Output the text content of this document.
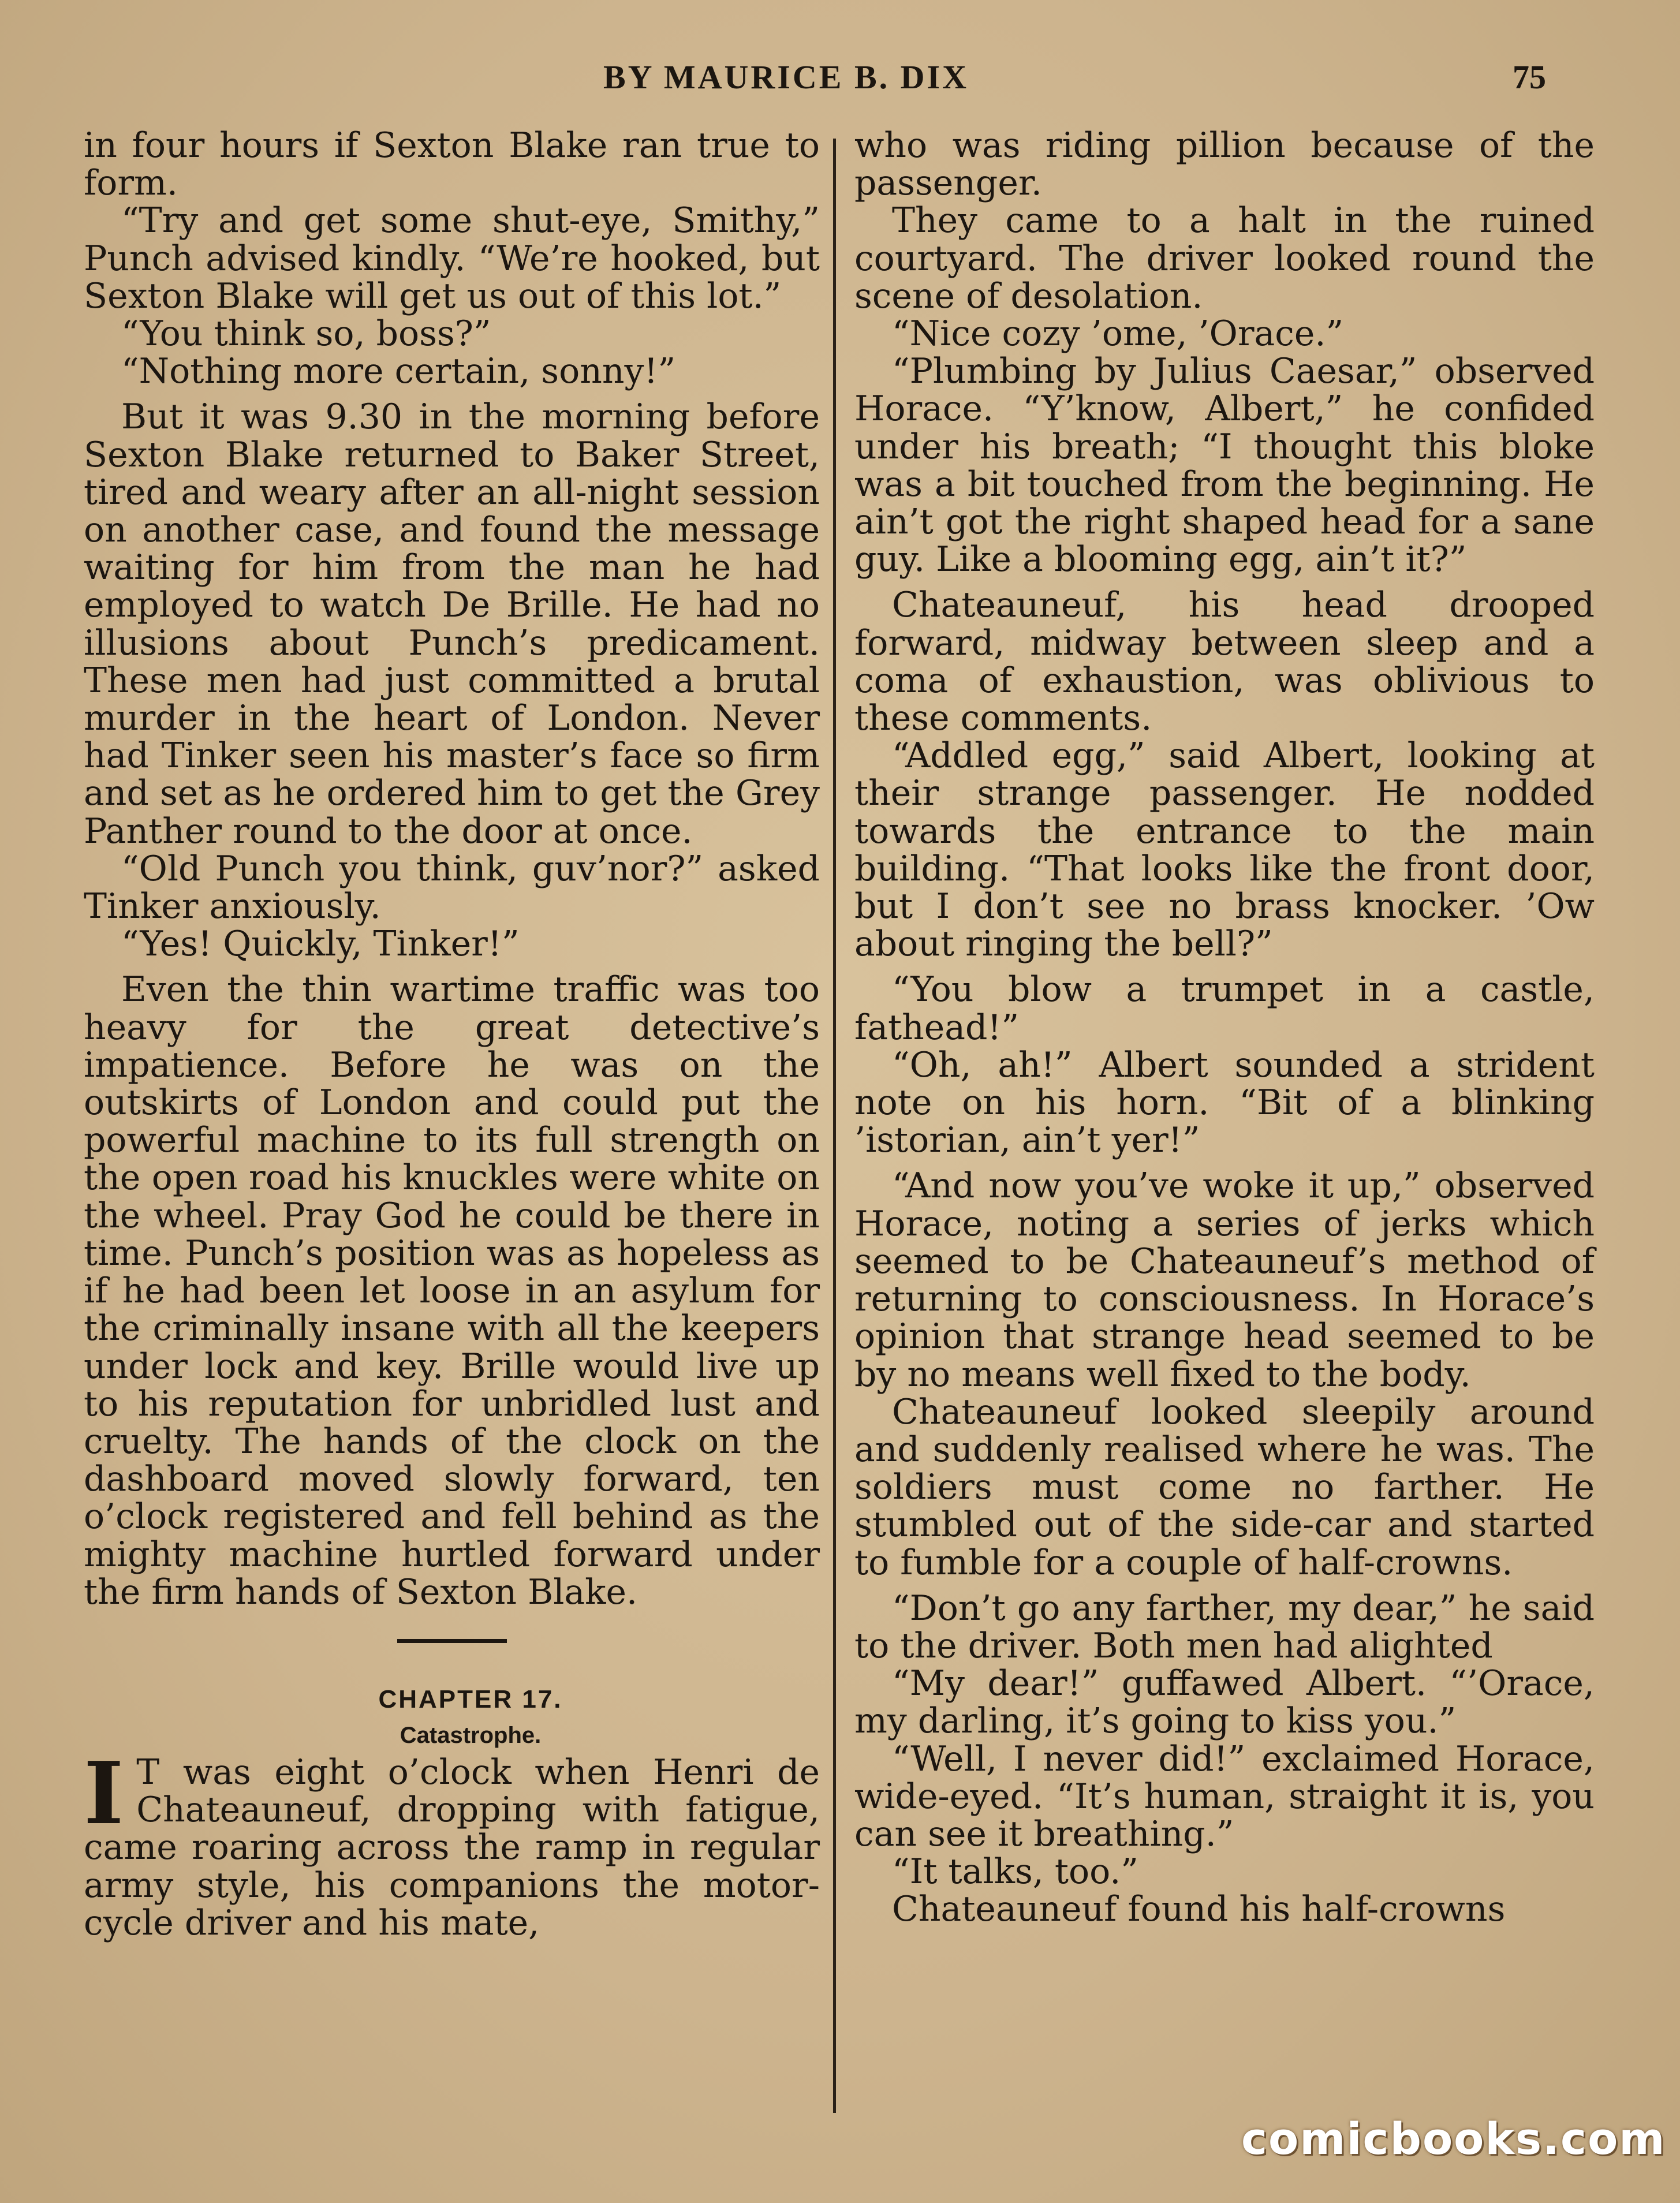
BY MAURICE B. DIX	75

in four hours if Sexton Blake ran true to form.

“Try and get some shut-eye, Smithy,” Punch advised kindly. “We’re hooked, but Sexton Blake will get us out of this lot.”

“You think so, boss?”

“Nothing more certain, sonny!”

But it was 9.30 in the morning before Sexton Blake returned to Baker Street, tired and weary after an all-night session on another case, and found the message waiting for him from the man he had employed to watch De Brille. He had no illusions about Punch’s predicament. These men had just committed a brutal murder in the heart of London. Never had Tinker seen his master’s face so firm and set as he ordered him to get the Grey Panther round to the door at once.

“Old Punch you think, guv’nor?” asked Tinker anxiously.

“Yes! Quickly, Tinker!”

Even the thin wartime traffic was too heavy for the great detective’s impatience. Before he was on the outskirts of London and could put the powerful machine to its full strength on the open road his knuckles were white on the wheel. Pray God he could be there in time. Punch’s position was as hopeless as if he had been let loose in an asylum for the criminally insane with all the keepers under lock and key. Brille would live up to his reputation for unbridled lust and cruelty. The hands of the clock on the dashboard moved slowly forward, ten o’clock registered and fell behind as the mighty machine hurtled forward under the firm hands of Sexton Blake.

CHAPTER 17.

Catastrophe.

I T was eight o’clock when Henri de Chateauneuf, dropping with fatigue, came roaring across the ramp in regular army style, his companions the motor-cycle driver and his mate,

who was riding pillion because of the passenger.

They came to a halt in the ruined courtyard. The driver looked round the scene of desolation.

“Nice cozy ’ome, ’Orace.”

“Plumbing by Julius Caesar,” observed Horace. “Y’know, Albert,” he confided under his breath; “I thought this bloke was a bit touched from the beginning. He ain’t got the right shaped head for a sane guy. Like a blooming egg, ain’t it?”

Chateauneuf, his head drooped forward, midway between sleep and a coma of exhaustion, was oblivious to these comments.

“Addled egg,” said Albert, looking at their strange passenger. He nodded towards the entrance to the main building. “That looks like the front door, but I don’t see no brass knocker. ’Ow about ringing the bell?”

“You blow a trumpet in a castle, fathead!”

“Oh, ah!” Albert sounded a strident note on his horn. “Bit of a blinking ’istorian, ain’t yer!”

“And now you’ve woke it up,” observed Horace, noting a series of jerks which seemed to be Chateauneuf’s method of returning to consciousness. In Horace’s opinion that strange head seemed to be by no means well fixed to the body.

Chateauneuf looked sleepily around and suddenly realised where he was. The soldiers must come no farther. He stumbled out of the side-car and started to fumble for a couple of half-crowns.

“Don’t go any farther, my dear,” he said to the driver. Both men had alighted

“My dear!” guffawed Albert. “’Orace, my darling, it’s going to kiss you.”

“Well, I never did!” exclaimed Horace, wide-eyed. “It’s human, straight it is, you can see it breathing.”

“It talks, too.”

Chateauneuf found his half-crowns

comicbooks.com
